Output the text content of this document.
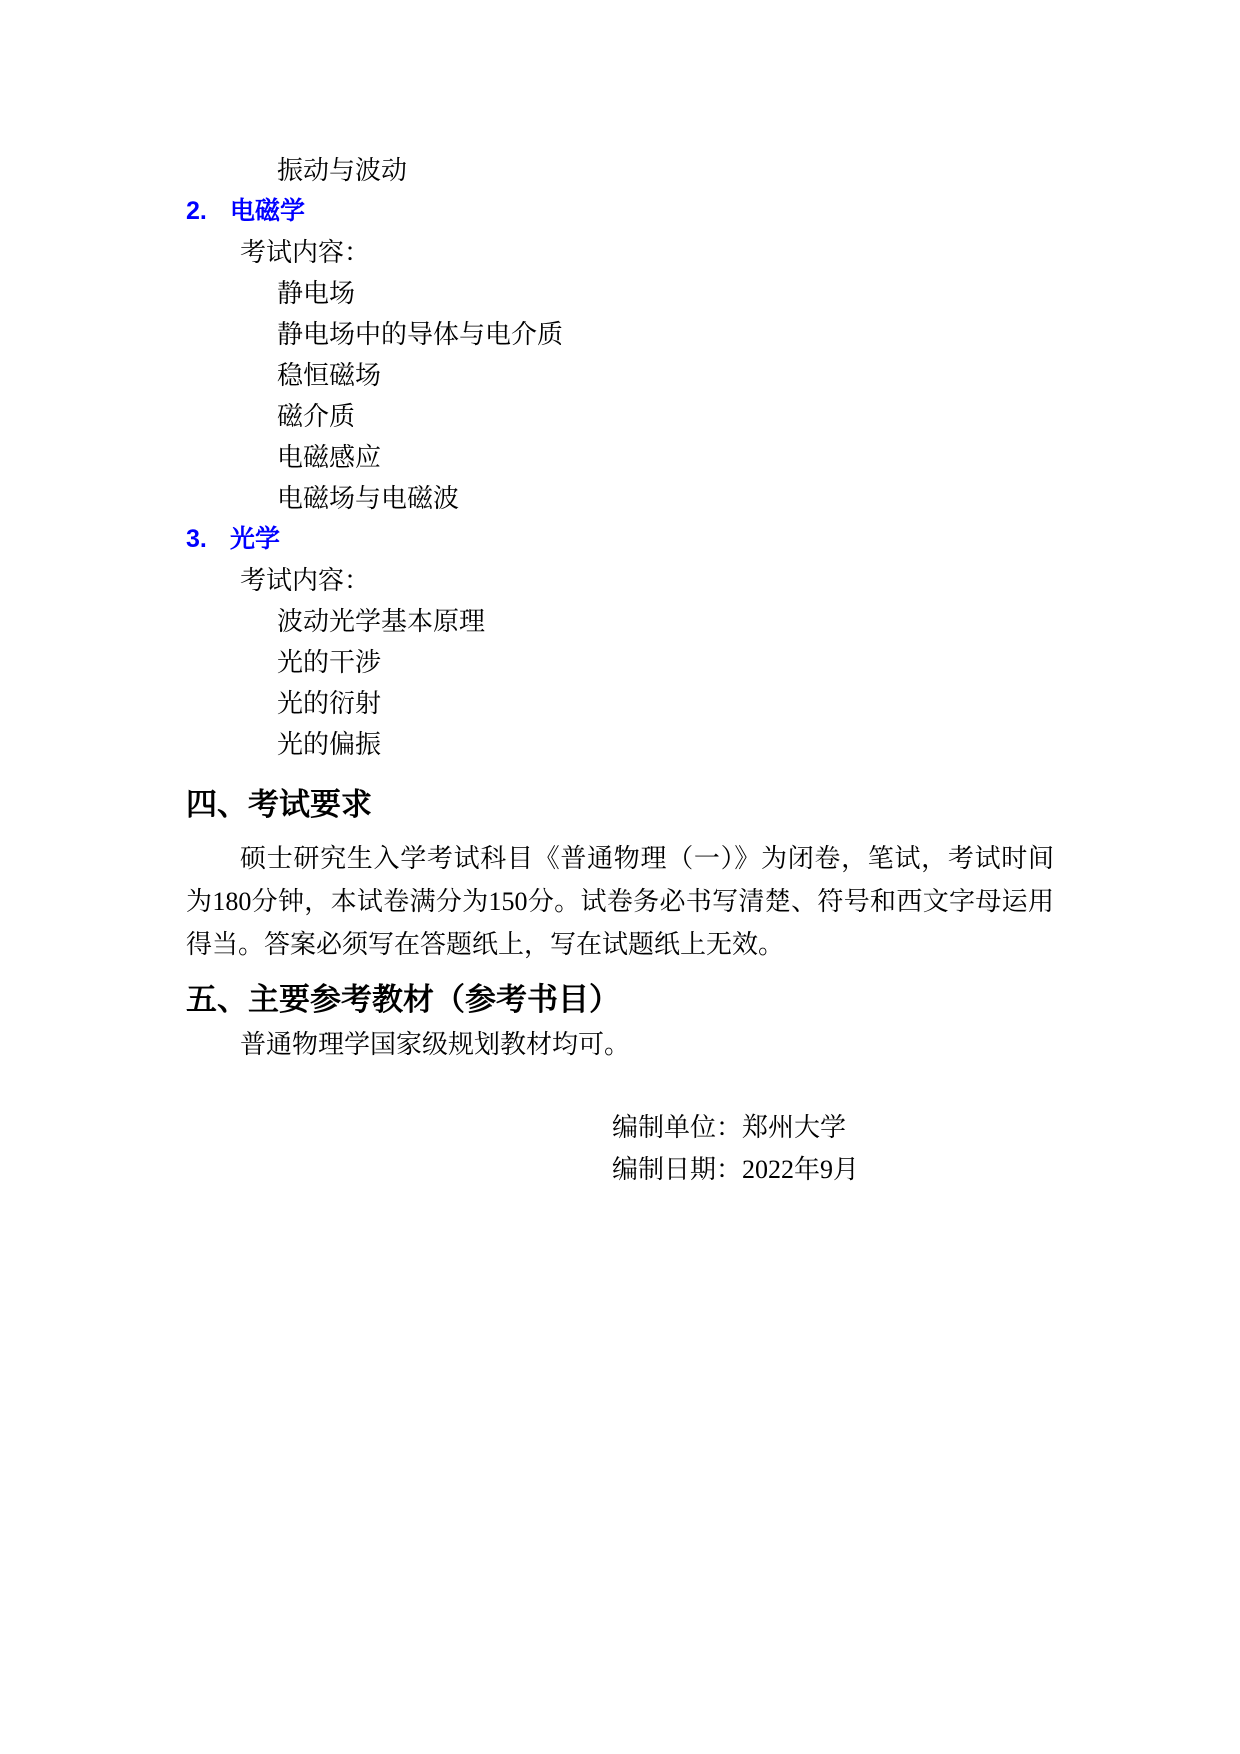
振动与波动
2. 电磁学
考试内容：
静电场
静电场中的导体与电介质
稳恒磁场
磁介质
电磁感应
电磁场与电磁波
3. 光学
考试内容：
波动光学基本原理
光的干涉
光的衍射
光的偏振
四、考试要求

硕士研究生入学考试科目《普通物理（一）》为闭卷，笔试，考试时间为180分钟，本试卷满分为150分。试卷务必书写清楚、符号和西文字母运用得当。答案必须写在答题纸上，写在试题纸上无效。

五、主要参考教材（参考书目）
普通物理学国家级规划教材均可。
编制单位：郑州大学
编制日期：2022年9月
